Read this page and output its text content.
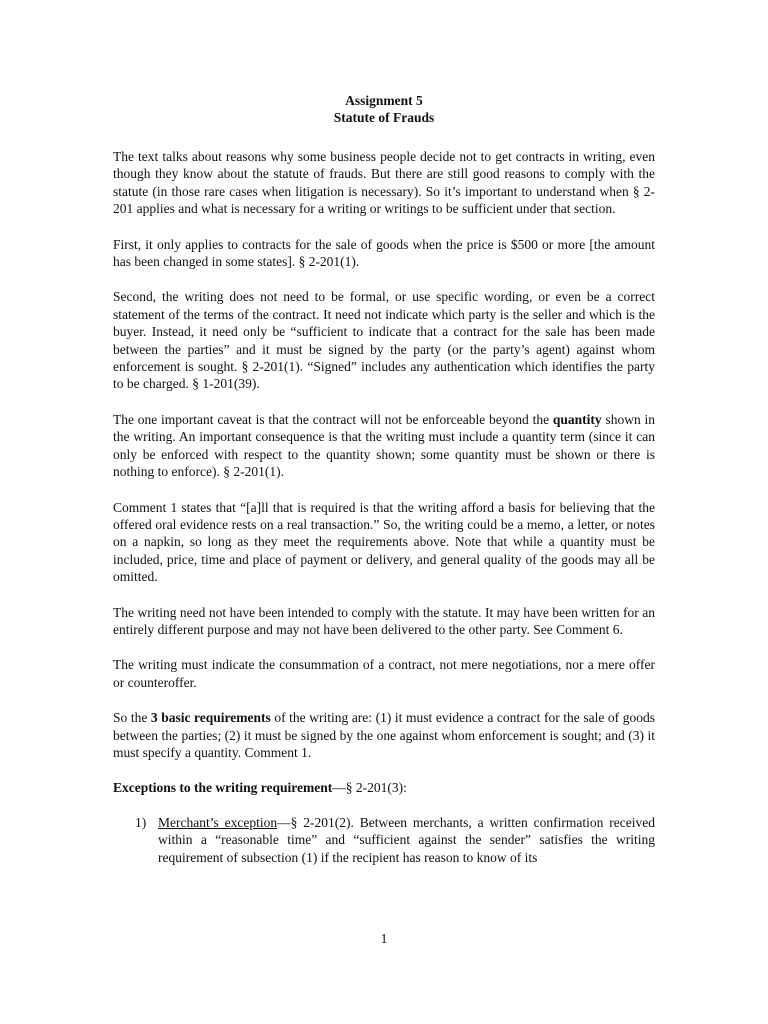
Assignment 5
Statute of Frauds

The text talks about reasons why some business people decide not to get contracts in writing, even though they know about the statute of frauds. But there are still good reasons to comply with the statute (in those rare cases when litigation is necessary). So it’s important to understand when § 2-201 applies and what is necessary for a writing or writings to be sufficient under that section.

First, it only applies to contracts for the sale of goods when the price is $500 or more [the amount has been changed in some states]. § 2-201(1).

Second, the writing does not need to be formal, or use specific wording, or even be a correct statement of the terms of the contract. It need not indicate which party is the seller and which is the buyer. Instead, it need only be “sufficient to indicate that a contract for the sale has been made between the parties” and it must be signed by the party (or the party’s agent) against whom enforcement is sought. § 2-201(1). “Signed” includes any authentication which identifies the party to be charged. § 1-201(39).

The one important caveat is that the contract will not be enforceable beyond the quantity shown in the writing. An important consequence is that the writing must include a quantity term (since it can only be enforced with respect to the quantity shown; some quantity must be shown or there is nothing to enforce). § 2-201(1).

Comment 1 states that “[a]ll that is required is that the writing afford a basis for believing that the offered oral evidence rests on a real transaction.” So, the writing could be a memo, a letter, or notes on a napkin, so long as they meet the requirements above. Note that while a quantity must be included, price, time and place of payment or delivery, and general quality of the goods may all be omitted.

The writing need not have been intended to comply with the statute. It may have been written for an entirely different purpose and may not have been delivered to the other party. See Comment 6.

The writing must indicate the consummation of a contract, not mere negotiations, nor a mere offer or counteroffer.

So the 3 basic requirements of the writing are: (1) it must evidence a contract for the sale of goods between the parties; (2) it must be signed by the one against whom enforcement is sought; and (3) it must specify a quantity. Comment 1.

Exceptions to the writing requirement—§ 2-201(3):
1) Merchant’s exception—§ 2-201(2). Between merchants, a written confirmation received within a “reasonable time” and “sufficient against the sender” satisfies the writing requirement of subsection (1) if the recipient has reason to know of its
1
